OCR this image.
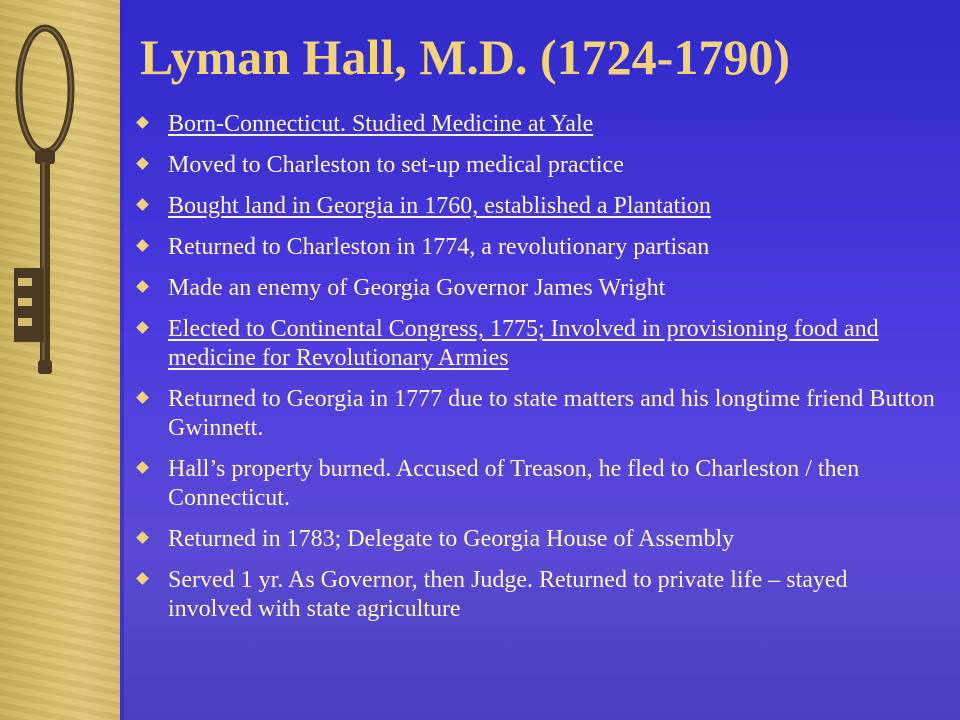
Lyman Hall, M.D. (1724-1790)
Born-Connecticut. Studied Medicine at Yale
Moved to Charleston to set-up medical practice
Bought land in Georgia in 1760, established a Plantation
Returned to Charleston in 1774, a revolutionary partisan
Made an enemy of Georgia Governor James Wright
Elected to Continental Congress, 1775; Involved in provisioning food and medicine for Revolutionary Armies
Returned to Georgia in 1777 due to state matters and his longtime friend Button Gwinnett.
Hall’s property burned. Accused of Treason, he fled to Charleston / then Connecticut.
Returned in 1783; Delegate to Georgia House of Assembly
Served 1 yr. As Governor, then Judge. Returned to private life – stayed involved with state agriculture
